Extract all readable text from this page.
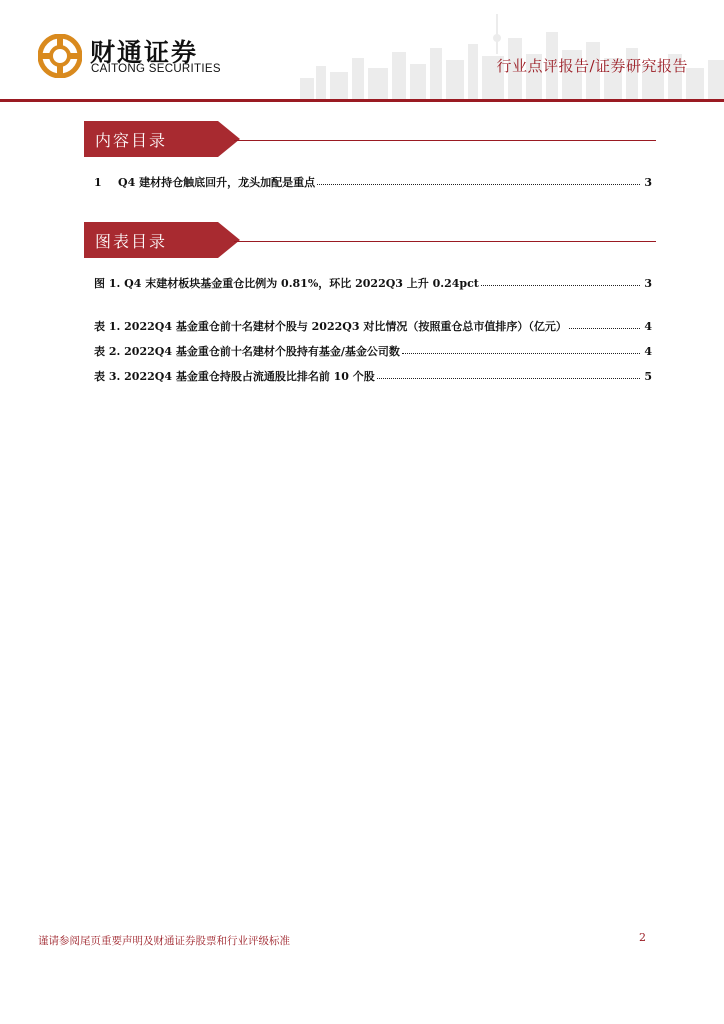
财通证券
CAITONG SECURITIES	行业点评报告/证券研究报告
内容目录
1	Q4 建材持仓触底回升，龙头加配是重点	3
图表目录
图 1. Q4 末建材板块基金重仓比例为 0.81%，环比 2022Q3 上升 0.24pct	3
表 1. 2022Q4 基金重仓前十名建材个股与 2022Q3 对比情况（按照重仓总市值排序）（亿元）	4
表 2. 2022Q4 基金重仓前十名建材个股持有基金/基金公司数	4
表 3. 2022Q4 基金重仓持股占流通股比排名前 10 个股	5
谨请参阅尾页重要声明及财通证券股票和行业评级标准	2
